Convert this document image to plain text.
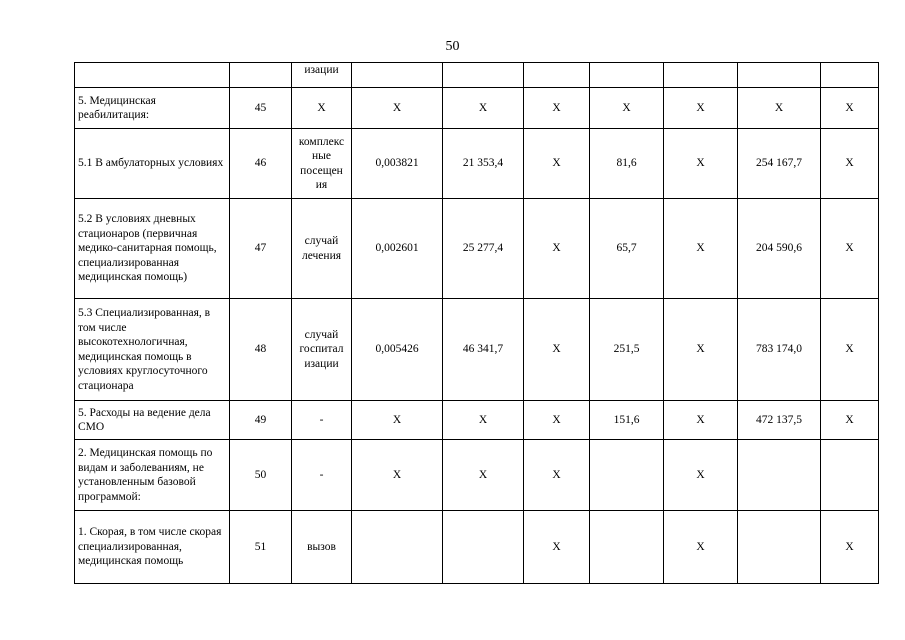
50
		изации							
5. Медицинская реабилитация:	45	X	X	X	X	X	X	X	X
5.1 В амбулаторных условиях	46	комплекс ные посещен ия	0,003821	21 353,4	X	81,6	X	254 167,7	X
5.2 В условиях дневных стационаров (первичная медико-санитарная помощь, специализированная медицинская помощь)	47	случай лечения	0,002601	25 277,4	X	65,7	X	204 590,6	X
5.3 Специализированная, в том числе высокотехнологичная, медицинская помощь в условиях круглосуточного стационара	48	случай госпитал изации	0,005426	46 341,7	X	251,5	X	783 174,0	X
5. Расходы на ведение дела СМО	49	-	X	X	X	151,6	X	472 137,5	X
2. Медицинская помощь по видам и заболеваниям, не установленным базовой программой:	50	-	X	X	X		X		
1. Скорая, в том числе скорая специализированная, медицинская помощь	51	вызов			X		X		X
